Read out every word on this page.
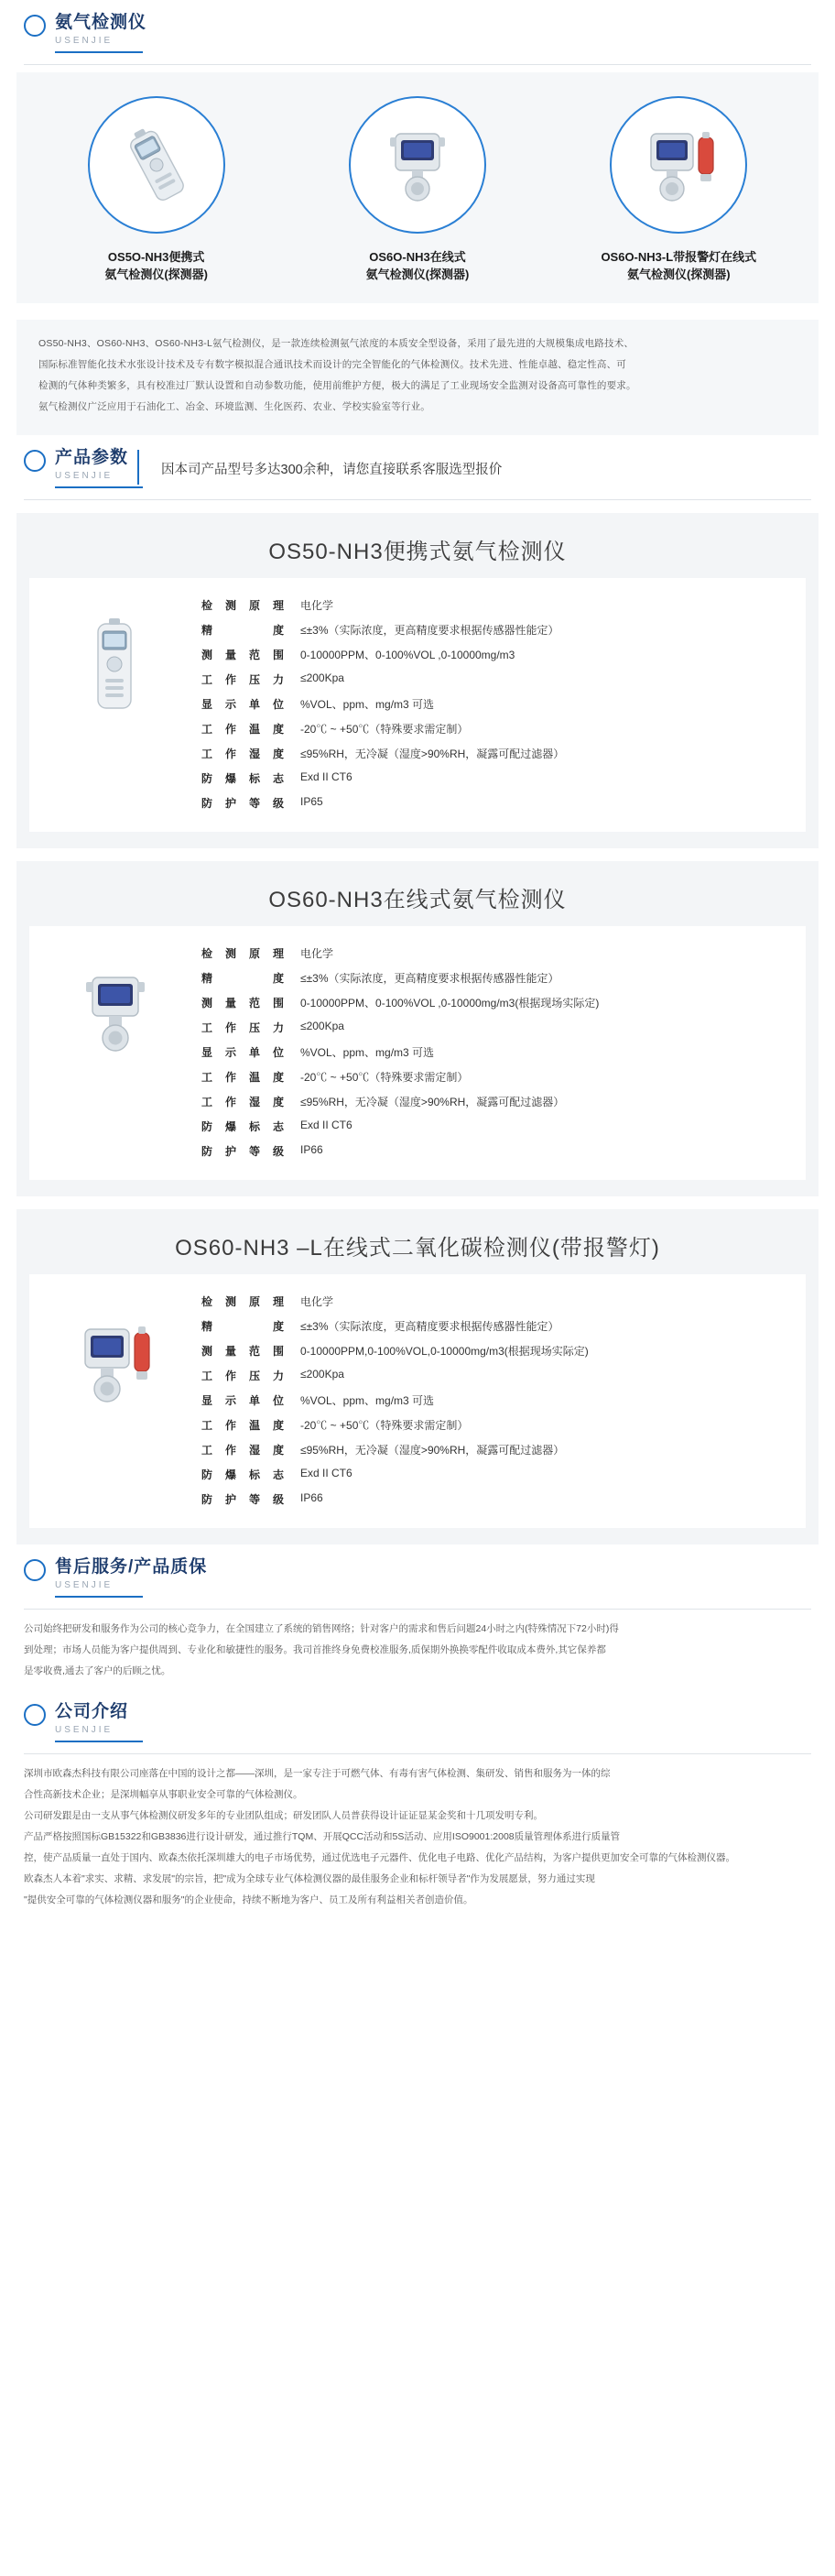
氨气检测仪
USENJIE
OS5O-NH3便携式
氨气检测仪(探测器)
OS6O-NH3在线式
氨气检测仪(探测器)
OS6O-NH3-L带报警灯在线式
氨气检测仪(探测器)

OS50-NH3、OS60-NH3、OS60-NH3-L氨气检测仪，是一款连续检测氨气浓度的本质安全型设备，采用了最先进的大规模集成电路技术、

国际标准智能化技术水张设计技术及专有数字模拟混合通讯技术而设计的完全智能化的气体检测仪。技术先进、性能卓越、稳定性高、可

检测的气体种类繁多，具有校准过厂默认设置和自动参数功能，使用前维护方便，极大的满足了工业现场安全监测对设备高可靠性的要求。

氨气检测仪广泛应用于石油化工、冶金、环境监测、生化医药、农业、学校实验室等行业。

产品参数
USENJIE	因本司产品型号多达300余种，请您直接联系客服选型报价
OS50-NH3便携式氨气检测仪
检测原理	电化学
精　　度	≤±3%（实际浓度，更高精度要求根据传感器性能定）
测量范围	0-10000PPM、0-100%VOL ,0-10000mg/m3
工作压力	≤200Kpa
显示单位	%VOL、ppm、mg/m3 可选
工作温度	-20℃ ~ +50℃（特殊要求需定制）
工作湿度	≤95%RH，无冷凝（湿度>90%RH，凝露可配过滤器）
防爆标志	Exd II CT6
防护等级	IP65
OS60-NH3在线式氨气检测仪
检测原理	电化学
精　　度	≤±3%（实际浓度，更高精度要求根据传感器性能定）
测量范围	0-10000PPM、0-100%VOL ,0-10000mg/m3(根据现场实际定)
工作压力	≤200Kpa
显示单位	%VOL、ppm、mg/m3 可选
工作温度	-20℃ ~ +50℃（特殊要求需定制）
工作湿度	≤95%RH，无冷凝（湿度>90%RH，凝露可配过滤器）
防爆标志	Exd II CT6
防护等级	IP66
OS60-NH3 –L在线式二氧化碳检测仪(带报警灯)
检测原理	电化学
精　　度	≤±3%（实际浓度，更高精度要求根据传感器性能定）
测量范围	0-10000PPM,0-100%VOL,0-10000mg/m3(根据现场实际定)
工作压力	≤200Kpa
显示单位	%VOL、ppm、mg/m3 可选
工作温度	-20℃ ~ +50℃（特殊要求需定制）
工作湿度	≤95%RH，无冷凝（湿度>90%RH，凝露可配过滤器）
防爆标志	Exd II CT6
防护等级	IP66
售后服务/产品质保
USENJIE

公司始终把研发和服务作为公司的核心竞争力，在全国建立了系统的销售网络；针对客户的需求和售后问题24小时之内(特殊情况下72小时)得

到处理；市场人员能为客户提供周到、专业化和敏捷性的服务。我司首推终身免费校准服务,质保期外换换零配件收取成本费外,其它保养都

是零收费,通去了客户的后顾之忧。

公司介绍
USENJIE

深圳市欧森杰科技有限公司座落在中国的设计之都——深圳，是一家专注于可燃气体、有毒有害气体检测、集研发、销售和服务为一体的综

合性高新技术企业；是深圳幅享从事职业安全可靠的气体检测仪。

公司研发跟是由一支从事气体检测仪研发多年的专业团队组成；研发团队人员普获得设计证证显某金奖和十几项发明专利。

产品严格按照国标GB15322和GB3836进行设计研发，通过推行TQM、开展QCC活动和5S活动、应用ISO9001:2008质量管理体系进行质量管

控，使产品质量一直处于国内、欧森杰依托深圳雄大的电子市场优势，通过优选电子元器件、优化电子电路、优化产品结构，为客户提供更加安全可靠的气体检测仪器。

欧森杰人本着"求实、求精、求发展"的宗旨，把"成为全球专业气体检测仪器的最佳服务企业和标杆领导者"作为发展愿景，努力通过实现

"提供安全可靠的气体检测仪器和服务"的企业使命，持续不断地为客户、员工及所有利益相关者创造价值。
